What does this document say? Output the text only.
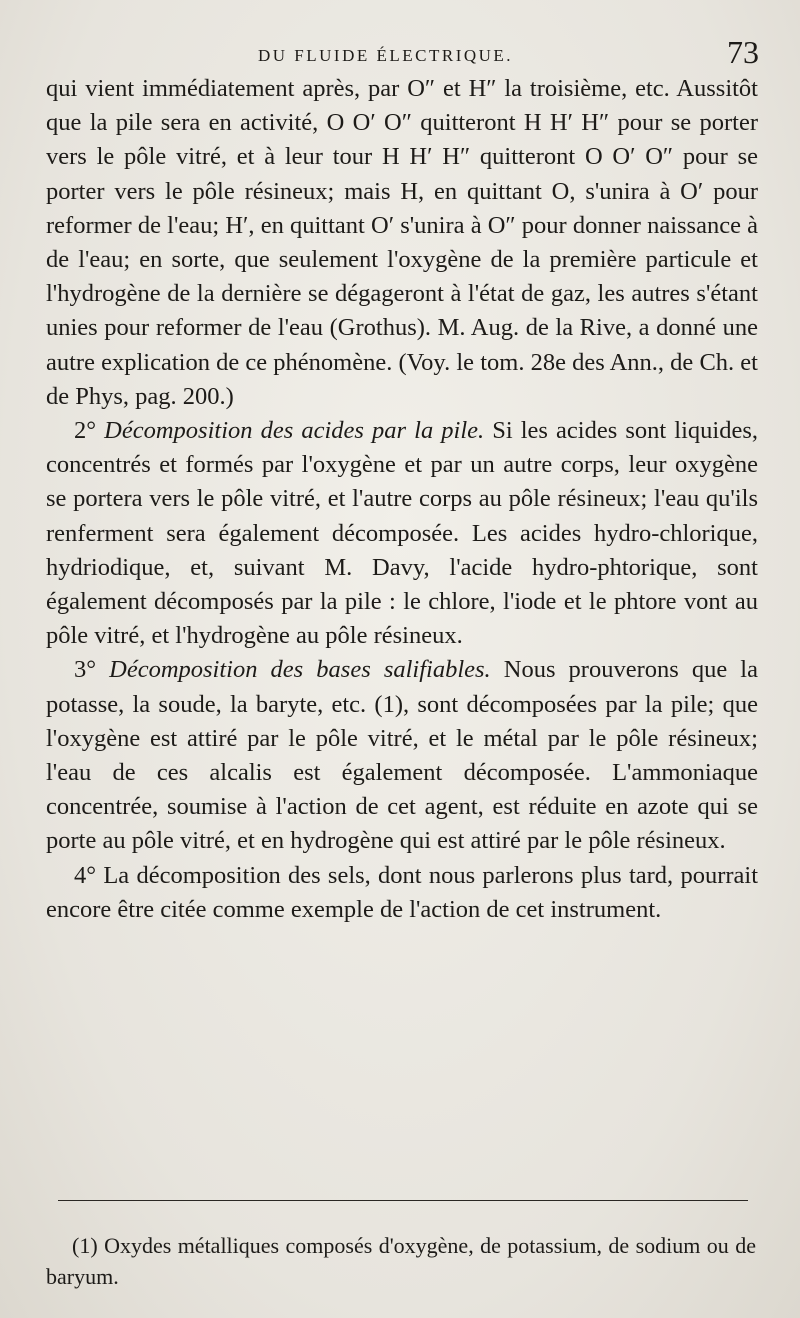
DU FLUIDE ÉLECTRIQUE.	73

qui vient immédiatement après, par O″ et H″ la troisième, etc. Aussitôt que la pile sera en activité, O O′ O″ quitteront H H′ H″ pour se porter vers le pôle vitré, et à leur tour H H′ H″ quitteront O O′ O″ pour se porter vers le pôle résineux; mais H, en quittant O, s'unira à O′ pour reformer de l'eau; H′, en quittant O′ s'unira à O″ pour donner naissance à de l'eau; en sorte, que seulement l'oxygène de la première particule et l'hydrogène de la dernière se dégageront à l'état de gaz, les autres s'étant unies pour reformer de l'eau (Grothus). M. Aug. de la Rive, a donné une autre explication de ce phénomène. (Voy. le tom. 28e des Ann., de Ch. et de Phys, pag. 200.)

2° Décomposition des acides par la pile. Si les acides sont liquides, concentrés et formés par l'oxygène et par un autre corps, leur oxygène se portera vers le pôle vitré, et l'autre corps au pôle résineux; l'eau qu'ils renferment sera également décomposée. Les acides hydro-chlorique, hydriodique, et, suivant M. Davy, l'acide hydro-phtorique, sont également décomposés par la pile : le chlore, l'iode et le phtore vont au pôle vitré, et l'hydrogène au pôle résineux.

3° Décomposition des bases salifiables. Nous prouverons que la potasse, la soude, la baryte, etc. (1), sont décomposées par la pile; que l'oxygène est attiré par le pôle vitré, et le métal par le pôle résineux; l'eau de ces alcalis est également décomposée. L'ammoniaque concentrée, soumise à l'action de cet agent, est réduite en azote qui se porte au pôle vitré, et en hydrogène qui est attiré par le pôle résineux.

4° La décomposition des sels, dont nous parlerons plus tard, pourrait encore être citée comme exemple de l'action de cet instrument.

(1) Oxydes métalliques composés d'oxygène, de potassium, de sodium ou de baryum.
